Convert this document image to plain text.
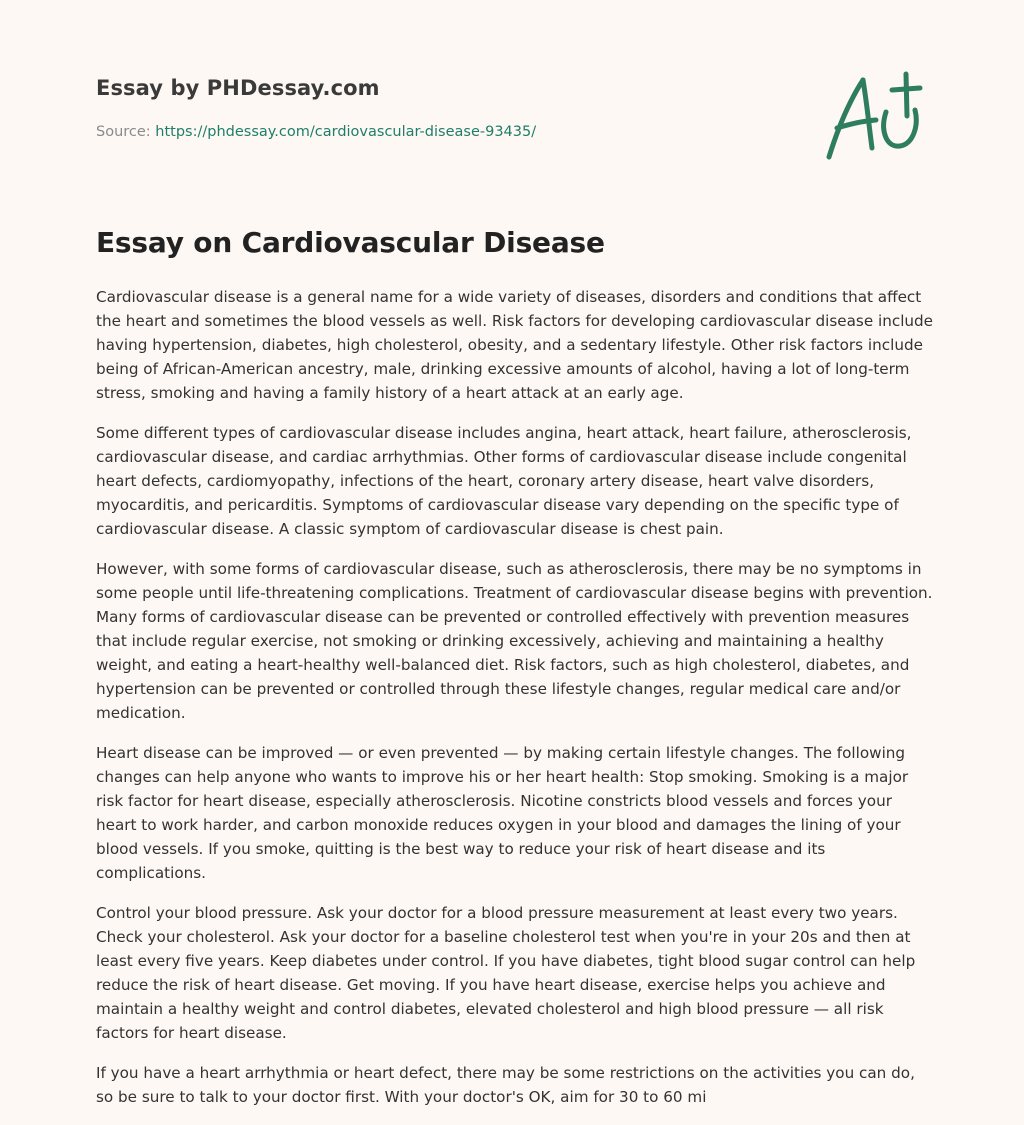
Essay by PHDessay.com

Source: https://phdessay.com/cardiovascular-disease-93435/

Essay on Cardiovascular Disease

Cardiovascular disease is a general name for a wide variety of diseases, disorders and conditions that affect the heart and sometimes the blood vessels as well. Risk factors for developing cardiovascular disease include having hypertension, diabetes, high cholesterol, obesity, and a sedentary lifestyle. Other risk factors include being of African-American ancestry, male, drinking excessive amounts of alcohol, having a lot of long-term stress, smoking and having a family history of a heart attack at an early age.

Some different types of cardiovascular disease includes angina, heart attack, heart failure, atherosclerosis, cardiovascular disease, and cardiac arrhythmias. Other forms of cardiovascular disease include congenital heart defects, cardiomyopathy, infections of the heart, coronary artery disease, heart valve disorders, myocarditis, and pericarditis. Symptoms of cardiovascular disease vary depending on the specific type of cardiovascular disease. A classic symptom of cardiovascular disease is chest pain.

However, with some forms of cardiovascular disease, such as atherosclerosis, there may be no symptoms in some people until life-threatening complications. Treatment of cardiovascular disease begins with prevention. Many forms of cardiovascular disease can be prevented or controlled effectively with prevention measures that include regular exercise, not smoking or drinking excessively, achieving and maintaining a healthy weight, and eating a heart-healthy well-balanced diet. Risk factors, such as high cholesterol, diabetes, and hypertension can be prevented or controlled through these lifestyle changes, regular medical care and/or medication.

Heart disease can be improved — or even prevented — by making certain lifestyle changes. The following changes can help anyone who wants to improve his or her heart health: Stop smoking. Smoking is a major risk factor for heart disease, especially atherosclerosis. Nicotine constricts blood vessels and forces your heart to work harder, and carbon monoxide reduces oxygen in your blood and damages the lining of your blood vessels. If you smoke, quitting is the best way to reduce your risk of heart disease and its complications.

Control your blood pressure. Ask your doctor for a blood pressure measurement at least every two years. Check your cholesterol. Ask your doctor for a baseline cholesterol test when you're in your 20s and then at least every five years. Keep diabetes under control. If you have diabetes, tight blood sugar control can help reduce the risk of heart disease. Get moving. If you have heart disease, exercise helps you achieve and maintain a healthy weight and control diabetes, elevated cholesterol and high blood pressure — all risk factors for heart disease.

If you have a heart arrhythmia or heart defect, there may be some restrictions on the activities you can do, so be sure to talk to your doctor first. With your doctor's OK, aim for 30 to 60 mi
